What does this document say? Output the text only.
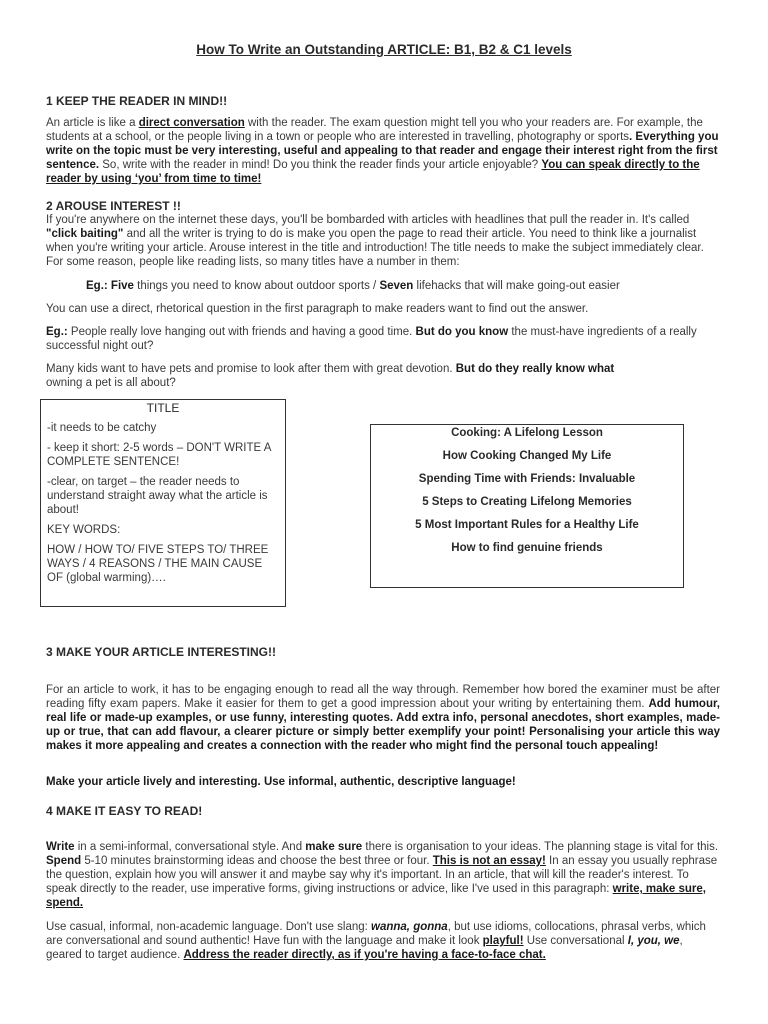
How To Write an Outstanding ARTICLE: B1, B2 & C1 levels
1 KEEP THE READER IN MIND!!
An article is like a direct conversation with the reader. The exam question might tell you who your readers are. For example, the students at a school, or the people living in a town or people who are interested in travelling, photography or sports. Everything you write on the topic must be very interesting, useful and appealing to that reader and engage their interest right from the first sentence. So, write with the reader in mind! Do you think the reader finds your article enjoyable? You can speak directly to the reader by using ‘you’ from time to time!
2 AROUSE INTEREST !!
If you're anywhere on the internet these days, you'll be bombarded with articles with headlines that pull the reader in. It's called "click baiting" and all the writer is trying to do is make you open the page to read their article. You need to think like a journalist when you're writing your article. Arouse interest in the title and introduction! The title needs to make the subject immediately clear. For some reason, people like reading lists, so many titles have a number in them:
Eg.: Five things you need to know about outdoor sports / Seven lifehacks that will make going-out easier
You can use a direct, rhetorical question in the first paragraph to make readers want to find out the answer.
Eg.: People really love hanging out with friends and having a good time. But do you know the must-have ingredients of a really successful night out?
Many kids want to have pets and promise to look after them with great devotion. But do they really know what
owning a pet is all about?
TITLE
-it needs to be catchy
- keep it short: 2-5 words – DON'T WRITE A COMPLETE SENTENCE!
-clear, on target – the reader needs to understand straight away what the article is about!
KEY WORDS:
HOW / HOW TO/ FIVE STEPS TO/ THREE WAYS / 4 REASONS / THE MAIN CAUSE OF (global warming)….
Cooking: A Lifelong Lesson
How Cooking Changed My Life
Spending Time with Friends: Invaluable
5 Steps to Creating Lifelong Memories
5 Most Important Rules for a Healthy Life
How to find genuine friends
3 MAKE YOUR ARTICLE INTERESTING!!
For an article to work, it has to be engaging enough to read all the way through. Remember how bored the examiner must be after reading fifty exam papers. Make it easier for them to get a good impression about your writing by entertaining them. Add humour, real life or made-up examples, or use funny, interesting quotes. Add extra info, personal anecdotes, short examples, made-up or true, that can add flavour, a clearer picture or simply better exemplify your point! Personalising your article this way makes it more appealing and creates a connection with the reader who might find the personal touch appealing!
Make your article lively and interesting. Use informal, authentic, descriptive language!
4 MAKE IT EASY TO READ!
Write in a semi-informal, conversational style. And make sure there is organisation to your ideas. The planning stage is vital for this. Spend 5-10 minutes brainstorming ideas and choose the best three or four. This is not an essay! In an essay you usually rephrase the question, explain how you will answer it and maybe say why it's important. In an article, that will kill the reader's interest. To speak directly to the reader, use imperative forms, giving instructions or advice, like I've used in this paragraph: write, make sure, spend.
Use casual, informal, non-academic language. Don't use slang: wanna, gonna, but use idioms, collocations, phrasal verbs, which are conversational and sound authentic! Have fun with the language and make it look playful! Use conversational I, you, we, geared to target audience. Address the reader directly, as if you're having a face-to-face chat.
